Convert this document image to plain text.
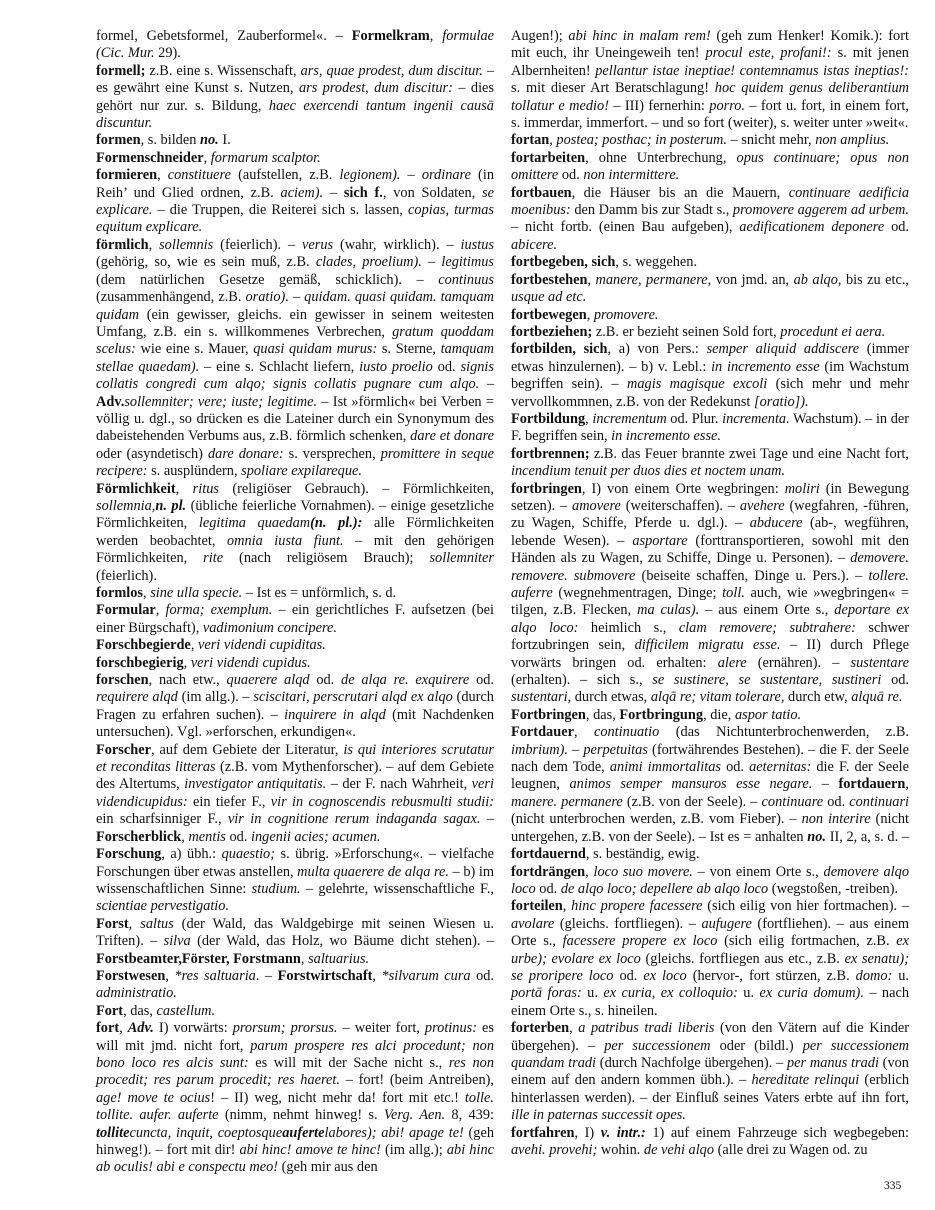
formel, Gebetsformel, Zauberformel«. – Formelkram, formulae (Cic. Mur. 29).

formell; z.B. eine s. Wissenschaft, ars, quae prodest, dum discitur. – es gewährt eine Kunst s. Nutzen, ars prodest, dum discitur: – dies gehört nur zur. s. Bildung, haec exercendi tantum ingenii causā discuntur.

formen, s. bilden no. I.

Formenschneider, formarum scalptor.

formieren, constituere (aufstellen, z.B. legionem). – ordinare (in Reih’ und Glied ordnen, z.B. aciem). – sich f., von Soldaten, se explicare. – die Truppen, die Reiterei sich s. lassen, copias, turmas equitum explicare.

förmlich, sollemnis (feierlich). – verus (wahr, wirklich). – iustus (gehörig, so, wie es sein muß, z.B. clades, proelium). – legitimus (dem natürlichen Gesetze gemäß, schicklich). – continuus (zusammenhängend, z.B. oratio). – quidam. quasi quidam. tamquam quidam (ein gewisser, gleichs. ein gewisser in seinem weitesten Umfang, z.B. ein s. willkommenes Verbrechen, gratum quoddam scelus: wie eine s. Mauer, quasi quidam murus: s. Sterne, tamquam stellae quaedam). – eine s. Schlacht liefern, iusto proelio od. signis collatis congredi cum alqo; signis collatis pugnare cum alqo. – Adv.sollemniter; vere; iuste; legitime. – Ist »förmlich« bei Verben = völlig u. dgl., so drücken es die Lateiner durch ein Synonymum des dabeistehenden Verbums aus, z.B. förmlich schenken, dare et donare oder (asyndetisch) dare donare: s. versprechen, promittere in seque recipere: s. ausplündern, spoliare expilareque.

Förmlichkeit, ritus (religiöser Gebrauch). – Förmlichkeiten, sollemnia,n. pl. (übliche feierliche Vornahmen). – einige gesetzliche Förmlichkeiten, legitima quaedam(n. pl.): alle Förmlichkeiten werden beobachtet, omnia iusta fiunt. – mit den gehörigen Förmlichkeiten, rite (nach religiösem Brauch); sollemniter (feierlich).

formlos, sine ulla specie. – Ist es = unförmlich, s. d.

Formular, forma; exemplum. – ein gerichtliches F. aufsetzen (bei einer Bürgschaft), vadimonium concipere.

Forschbegierde, veri videndi cupiditas.

forschbegierig, veri videndi cupidus.

forschen, nach etw., quaerere alqd od. de alqa re. exquirere od. requirere alqd (im allg.). – sciscitari, perscrutari alqd ex alqo (durch Fragen zu erfahren suchen). – inquirere in alqd (mit Nachdenken untersuchen). Vgl. »erforschen, erkundigen«.

Forscher, auf dem Gebiete der Literatur, is qui interiores scrutatur et reconditas litteras (z.B. vom Mythenforscher). – auf dem Gebiete des Altertums, investigator antiquitatis. – der F. nach Wahrheit, veri videndicupidus: ein tiefer F., vir in cognoscendis rebusmulti studii: ein scharfsinniger F., vir in cognitione rerum indaganda sagax. – Forscherblick, mentis od. ingenii acies; acumen.

Forschung, a) übh.: quaestio; s. übrig. »Erforschung«. – vielfache Forschungen über etwas anstellen, multa quaerere de alqa re. – b) im wissenschaftlichen Sinne: studium. – gelehrte, wissenschaftliche F., scientiae pervestigatio.

Forst, saltus (der Wald, das Waldgebirge mit seinen Wiesen u. Triften). – silva (der Wald, das Holz, wo Bäume dicht stehen). – Forstbeamter,Förster, Forstmann, saltuarius.

Forstwesen, *res saltuaria. – Forstwirtschaft, *silvarum cura od. administratio.

Fort, das, castellum.

fort, Adv. I) vorwärts: prorsum; prorsus. – weiter fort, protinus: es will mit jmd. nicht fort, parum prospere res alci procedunt; non bono loco res alcis sunt: es will mit der Sache nicht s., res non procedit; res parum procedit; res haeret. – fort! (beim Antreiben), age! move te ocius! – II) weg, nicht mehr da! fort mit etc.! tolle. tollite. aufer. auferte (nimm, nehmt hinweg! s. Verg. Aen. 8, 439: tollitecuncta, inquit, coeptosqueaufertelabores); abi! apage te! (geh hinweg!). – fort mit dir! abi hinc! amove te hinc! (im allg.); abi hinc ab oculis! abi e conspectu meo! (geh mir aus den

Augen!); abi hinc in malam rem! (geh zum Henker! Komik.): fort mit euch, ihr Uneingeweih ten! procul este, profani!: s. mit jenen Albernheiten! pellantur istae ineptiae! contemnamus istas ineptias!: s. mit dieser Art Beratschlagung! hoc quidem genus deliberantium tollatur e medio! – III) fernerhin: porro. – fort u. fort, in einem fort, s. immerdar, immerfort. – und so fort (weiter), s. weiter unter »weit«.

fortan, postea; posthac; in posterum. – snicht mehr, non amplius.

fortarbeiten, ohne Unterbrechung, opus continuare; opus non omittere od. non intermittere.

fortbauen, die Häuser bis an die Mauern, continuare aedificia moenibus: den Damm bis zur Stadt s., promovere aggerem ad urbem. – nicht fortb. (einen Bau aufgeben), aedificationem deponere od. abicere.

fortbegeben, sich, s. weggehen.

fortbestehen, manere, permanere, von jmd. an, ab alqo, bis zu etc., usque ad etc.

fortbewegen, promovere.

fortbeziehen; z.B. er bezieht seinen Sold fort, procedunt ei aera.

fortbilden, sich, a) von Pers.: semper aliquid addiscere (immer etwas hinzulernen). – b) v. Lebl.: in incremento esse (im Wachstum begriffen sein). – magis magisque excoli (sich mehr und mehr vervollkommnen, z.B. von der Redekunst [oratio]).

Fortbildung, incrementum od. Plur. incrementa. Wachstum). – in der F. begriffen sein, in incremento esse.

fortbrennen; z.B. das Feuer brannte zwei Tage und eine Nacht fort, incendium tenuit per duos dies et noctem unam.

fortbringen, I) von einem Orte wegbringen: moliri (in Bewegung setzen). – amovere (weiterschaffen). – avehere (wegfahren, -führen, zu Wagen, Schiffe, Pferde u. dgl.). – abducere (ab-, wegführen, lebende Wesen). – asportare (forttransportieren, sowohl mit den Händen als zu Wagen, zu Schiffe, Dinge u. Personen). – demovere. removere. submovere (beiseite schaffen, Dinge u. Pers.). – tollere. auferre (wegnehmentragen, Dinge; toll. auch, wie »wegbringen« = tilgen, z.B. Flecken, ma culas). – aus einem Orte s., deportare ex alqo loco: heimlich s., clam removere; subtrahere: schwer fortzubringen sein, difficilem migratu esse. – II) durch Pflege vorwärts bringen od. erhalten: alere (ernähren). – sustentare (erhalten). – sich s., se sustinere, se sustentare, sustineri od. sustentari, durch etwas, alqā re; vitam tolerare, durch etw, alquā re.

Fortbringen, das, Fortbringung, die, aspor tatio.

Fortdauer, continuatio (das Nichtunterbrochenwerden, z.B. imbrium). – perpetuitas (fortwährendes Bestehen). – die F. der Seele nach dem Tode, animi immortalitas od. aeternitas: die F. der Seele leugnen, animos semper mansuros esse negare. – fortdauern, manere. permanere (z.B. von der Seele). – continuare od. continuari (nicht unterbrochen werden, z.B. vom Fieber). – non interire (nicht untergehen, z.B. von der Seele). – Ist es = anhalten no. II, 2, a, s. d. – fortdauernd, s. beständig, ewig.

fortdrängen, loco suo movere. – von einem Orte s., demovere alqo loco od. de alqo loco; depellere ab alqo loco (wegstoßen, -treiben).

forteilen, hinc propere facessere (sich eilig von hier fortmachen). – avolare (gleichs. fortfliegen). – aufugere (fortfliehen). – aus einem Orte s., facessere propere ex loco (sich eilig fortmachen, z.B. ex urbe); evolare ex loco (gleichs. fortfliegen aus etc., z.B. ex senatu); se proripere loco od. ex loco (hervor-, fort stürzen, z.B. domo: u. portā foras: u. ex curia, ex colloquio: u. ex curia domum). – nach einem Orte s., s. hineilen.

forterben, a patribus tradi liberis (von den Vätern auf die Kinder übergehen). – per successionem oder (bildl.) per successionem quandam tradi (durch Nachfolge übergehen). – per manus tradi (von einem auf den andern kommen übh.). – hereditate relinqui (erblich hinterlassen werden). – der Einfluß seines Vaters erbte auf ihn fort, ille in paternas successit opes.

fortfahren, I) v. intr.: 1) auf einem Fahrzeuge sich wegbegeben: avehi. provehi; wohin. de vehi alqo (alle drei zu Wagen od. zu

335
